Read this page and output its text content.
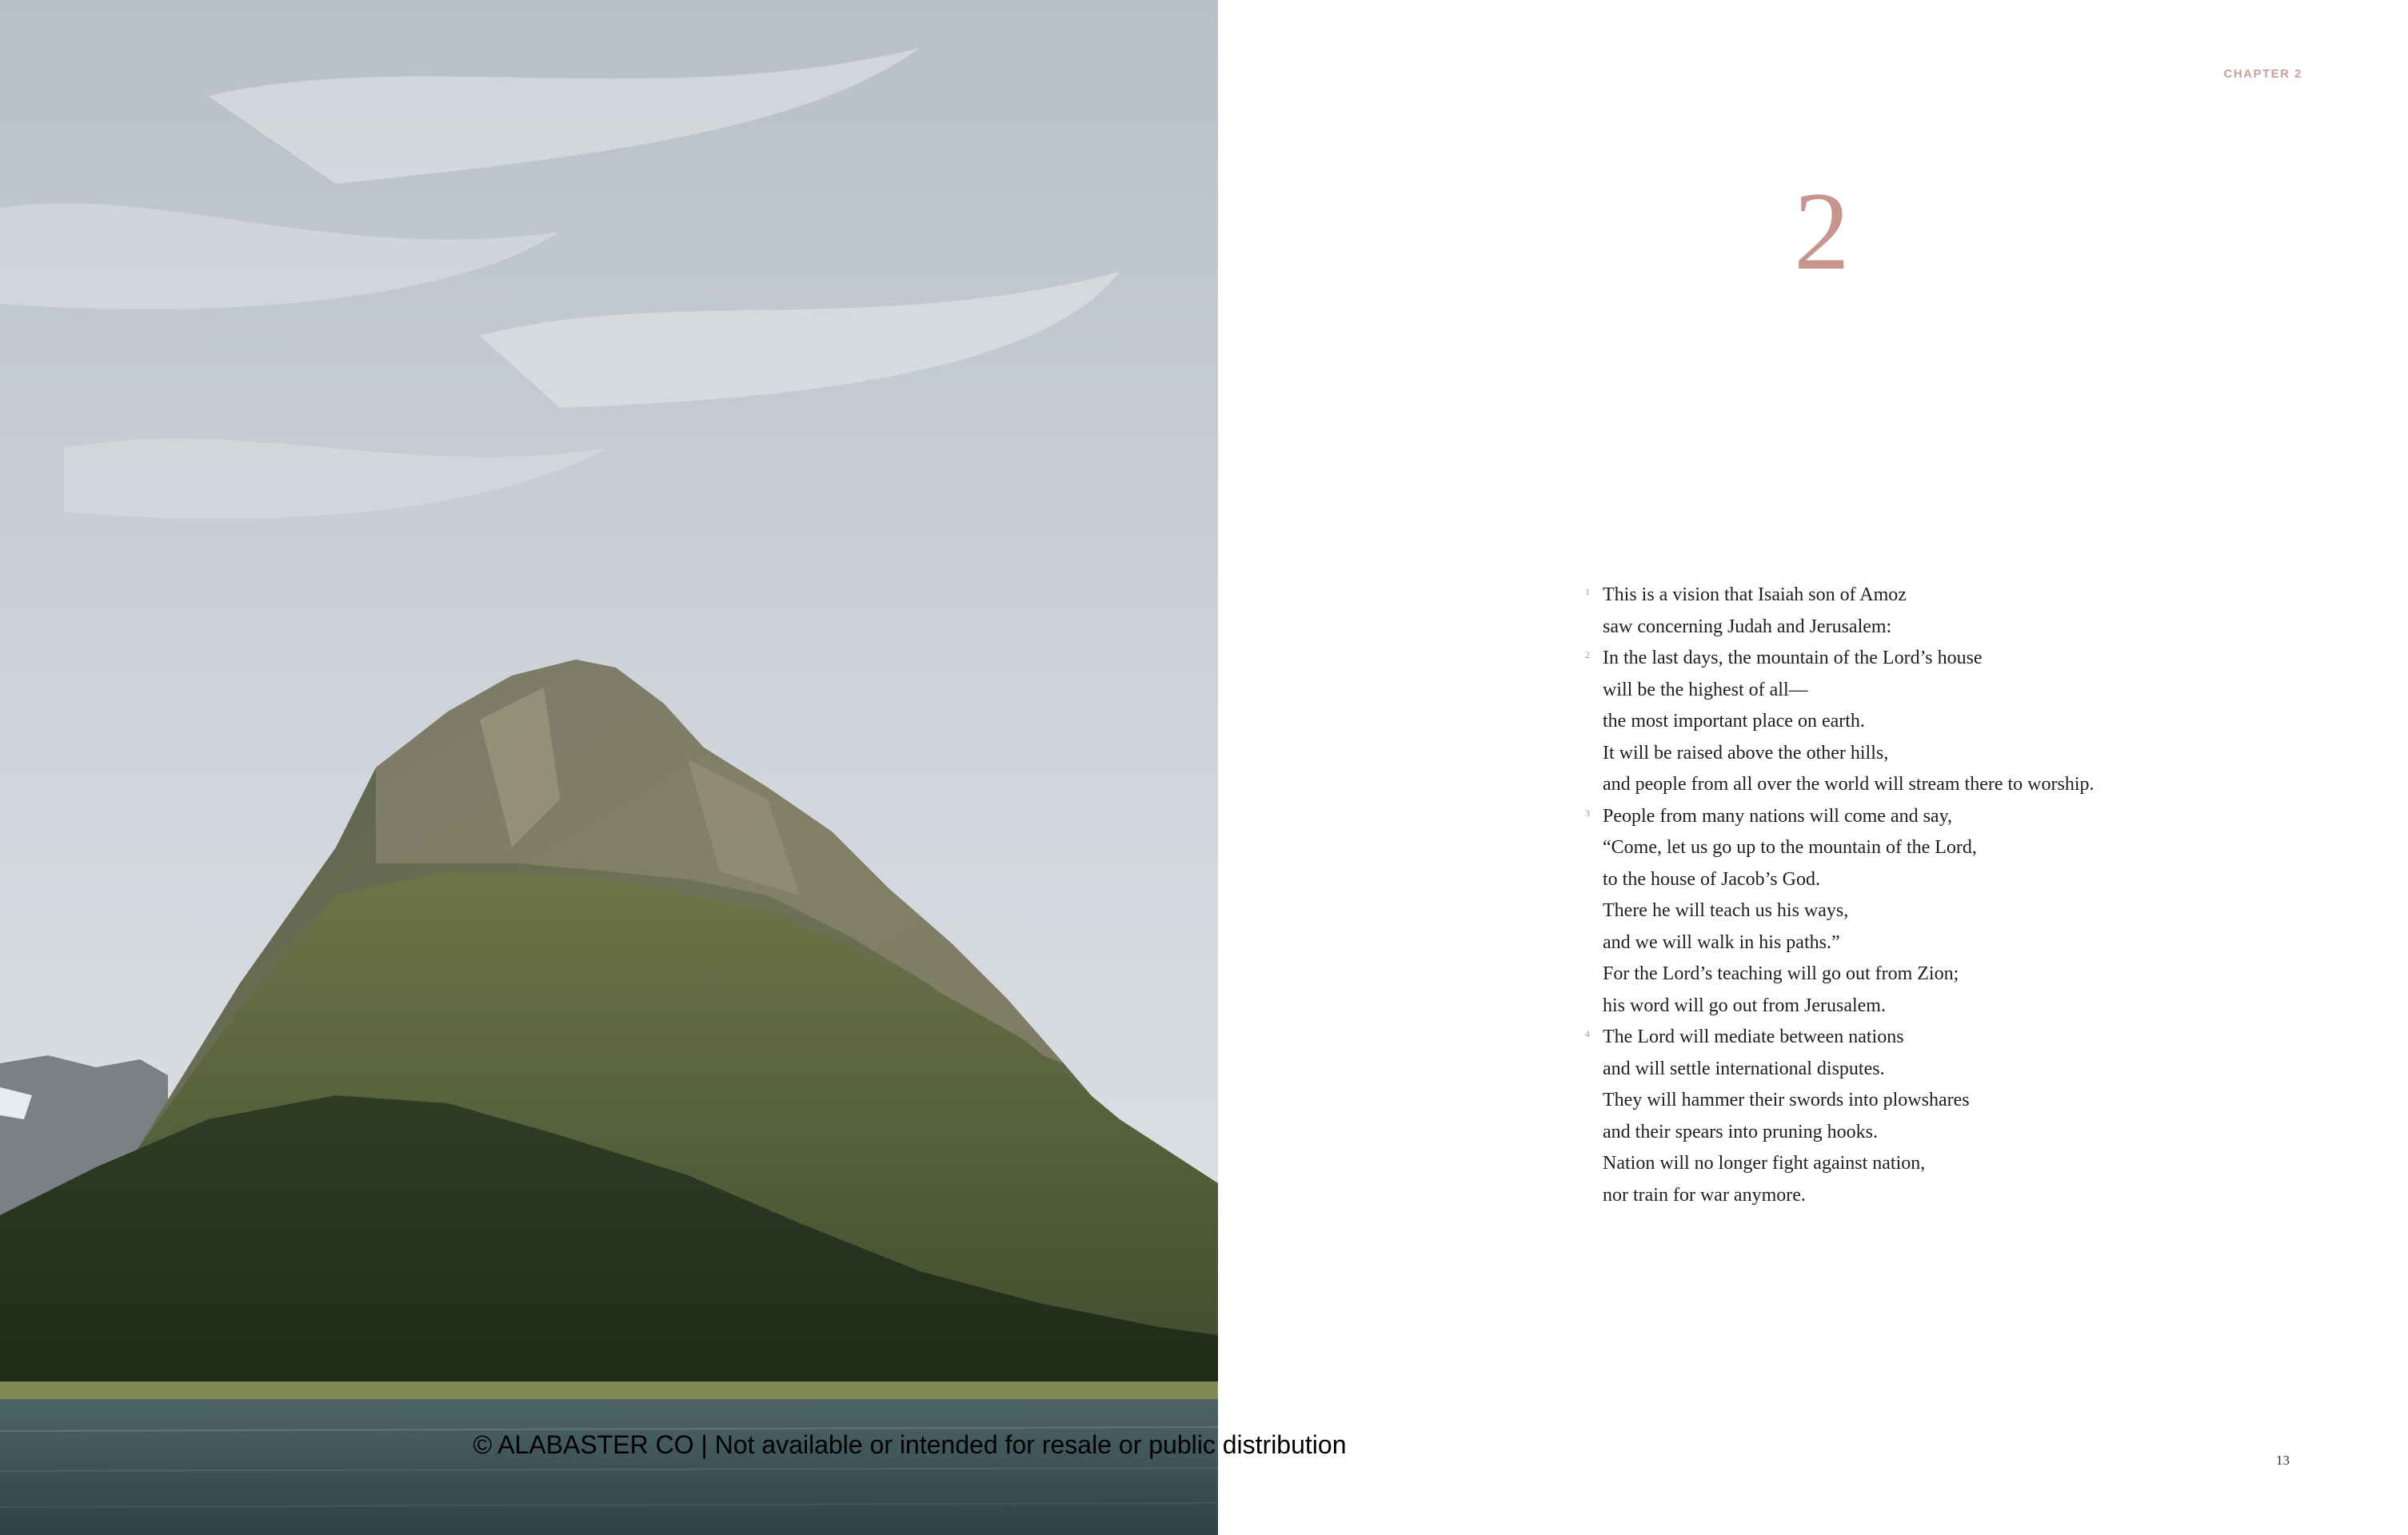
CHAPTER 2
2
1 This is a vision that Isaiah son of Amoz
saw concerning Judah and Jerusalem:
2 In the last days, the mountain of the Lord’s house
will be the highest of all—
the most important place on earth.
It will be raised above the other hills,
and people from all over the world will stream there to worship.
3 People from many nations will come and say,
“Come, let us go up to the mountain of the Lord,
to the house of Jacob’s God.
There he will teach us his ways,
and we will walk in his paths.”
For the Lord’s teaching will go out from Zion;
his word will go out from Jerusalem.
4 The Lord will mediate between nations
and will settle international disputes.
They will hammer their swords into plowshares
and their spears into pruning hooks.
Nation will no longer fight against nation,
nor train for war anymore.
13
© ALABASTER CO | Not available or intended for resale or public distribution
